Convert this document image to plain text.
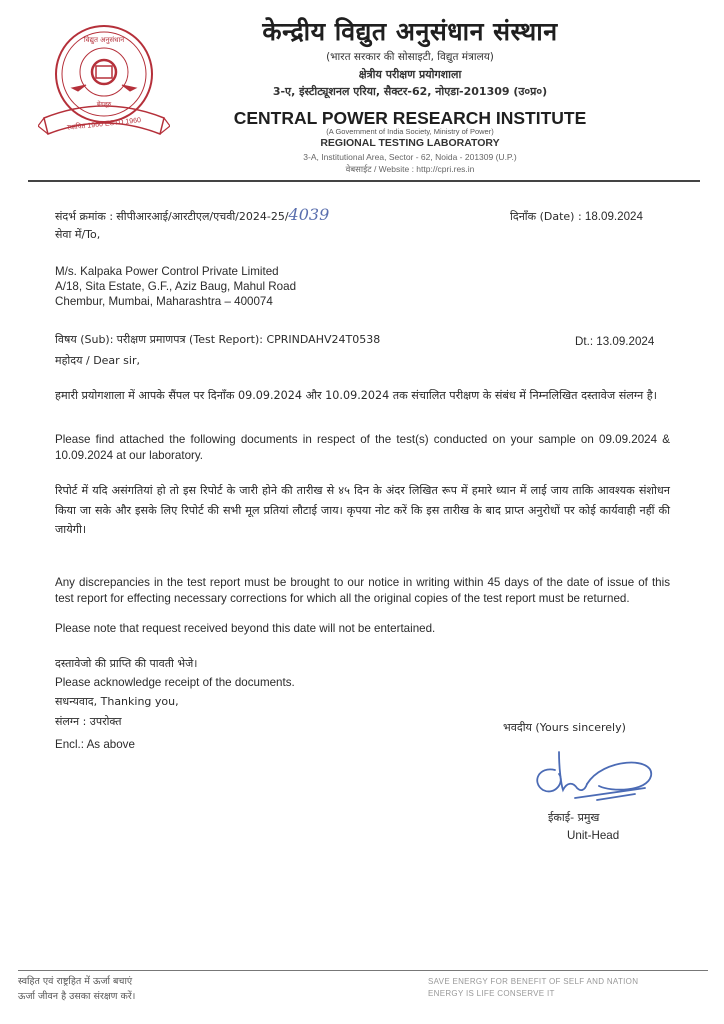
विद्युत अनुसंधान
बेंगलूरु
स्थापित 1960 ESTD 1960
केन्द्रीय विद्युत अनुसंधान संस्थान
(भारत सरकार की सोसाइटी, विद्युत मंत्रालय)
क्षेत्रीय परीक्षण प्रयोगशाला
3-ए, इंस्टीट्यूशनल एरिया, सैक्टर-62, नोएडा-201309 (उ०प्र०)
CENTRAL POWER RESEARCH INSTITUTE
(A Government of India Society, Ministry of Power)
REGIONAL TESTING LABORATORY
3-A, Institutional Area, Sector - 62, Noida - 201309 (U.P.)
वेबसाईट / Website : http://cpri.res.in
संदर्भ क्रमांक : सीपीआरआई/आरटीएल/एचवी/2024-25/4039	दिनाँक (Date) : 18.09.2024
सेवा में/To,
M/s. Kalpaka Power Control Private Limited
A/18, Sita Estate, G.F., Aziz Baug, Mahul Road
Chembur, Mumbai, Maharashtra – 400074
विषय (Sub): परीक्षण प्रमाणपत्र (Test Report): CPRINDAHV24T0538	Dt.: 13.09.2024
महोदय / Dear sir,
हमारी प्रयोगशाला में आपके सैंपल पर दिनाँक 09.09.2024 और 10.09.2024 तक संचालित परीक्षण के संबंध में निम्नलिखित दस्तावेज संलग्न है।
Please find attached the following documents in respect of the test(s) conducted on your sample on 09.09.2024 & 10.09.2024 at our laboratory.
रिपोर्ट में यदि असंगतियां हो तो इस रिपोर्ट के जारी होने की तारीख से ४५ दिन के अंदर लिखित रूप में हमारे ध्यान में लाई जाय ताकि आवश्यक संशोधन किया जा सके और इसके लिए रिपोर्ट की सभी मूल प्रतियां लौटाई जाय। कृपया नोट करें कि इस तारीख के बाद प्राप्त अनुरोधों पर कोई कार्यवाही नहीं की जायेगी।
Any discrepancies in the test report must be brought to our notice in writing within 45 days of the date of issue of this test report for effecting necessary corrections for which all the original copies of the test report must be returned.
Please note that request received beyond this date will not be entertained.
दस्तावेजो की प्राप्ति की पावती भेजे।
Please acknowledge receipt of the documents.
सधन्यवाद, Thanking you,
संलग्न : उपरोक्त
Encl.: As above
भवदीय (Yours sincerely)
ईकाई- प्रमुख
Unit-Head
स्वहित एवं राष्ट्रहित में ऊर्जा बचाएं
ऊर्जा जीवन है उसका संरक्षण करें।
SAVE ENERGY FOR BENEFIT OF SELF AND NATION
ENERGY IS LIFE CONSERVE IT
